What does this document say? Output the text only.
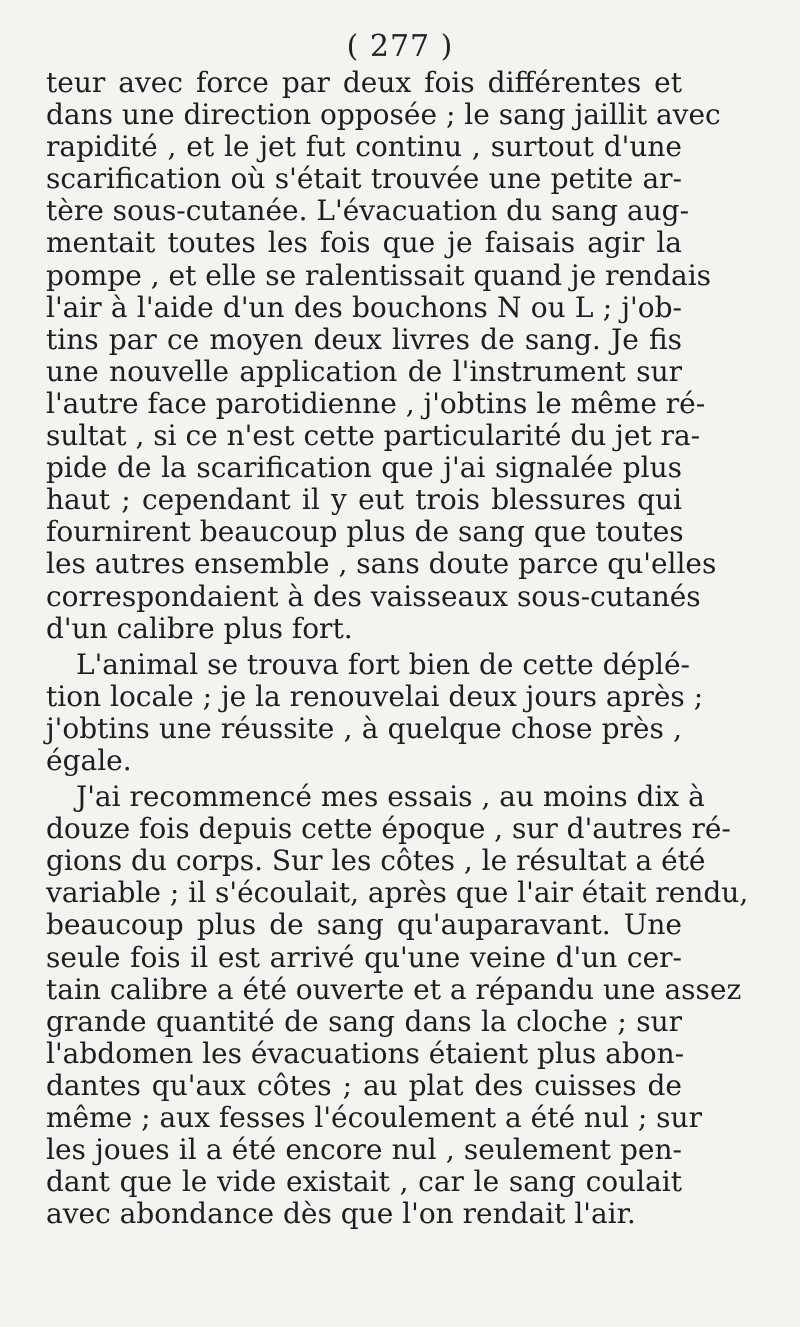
( 277 )
teur avec force par deux fois différentes et
dans une direction opposée ; le sang jaillit avec
rapidité , et le jet fut continu , surtout d'une
scarification où s'était trouvée une petite ar-
tère sous-cutanée. L'évacuation du sang aug-
mentait toutes les fois que je faisais agir la
pompe , et elle se ralentissait quand je rendais
l'air à l'aide d'un des bouchons N ou L ; j'ob-
tins par ce moyen deux livres de sang. Je fis
une nouvelle application de l'instrument sur
l'autre face parotidienne , j'obtins le même ré-
sultat , si ce n'est cette particularité du jet ra-
pide de la scarification que j'ai signalée plus
haut ; cependant il y eut trois blessures qui
fournirent beaucoup plus de sang que toutes
les autres ensemble , sans doute parce qu'elles
correspondaient à des vaisseaux sous-cutanés
d'un calibre plus fort.
L'animal se trouva fort bien de cette déplé-
tion locale ; je la renouvelai deux jours après ;
j'obtins une réussite , à quelque chose près ,
égale.
J'ai recommencé mes essais , au moins dix à
douze fois depuis cette époque , sur d'autres ré-
gions du corps. Sur les côtes , le résultat a été
variable ; il s'écoulait, après que l'air était rendu,
beaucoup plus de sang qu'auparavant. Une
seule fois il est arrivé qu'une veine d'un cer-
tain calibre a été ouverte et a répandu une assez
grande quantité de sang dans la cloche ; sur
l'abdomen les évacuations étaient plus abon-
dantes qu'aux côtes ; au plat des cuisses de
même ; aux fesses l'écoulement a été nul ; sur
les joues il a été encore nul , seulement pen-
dant que le vide existait , car le sang coulait
avec abondance dès que l'on rendait l'air.
